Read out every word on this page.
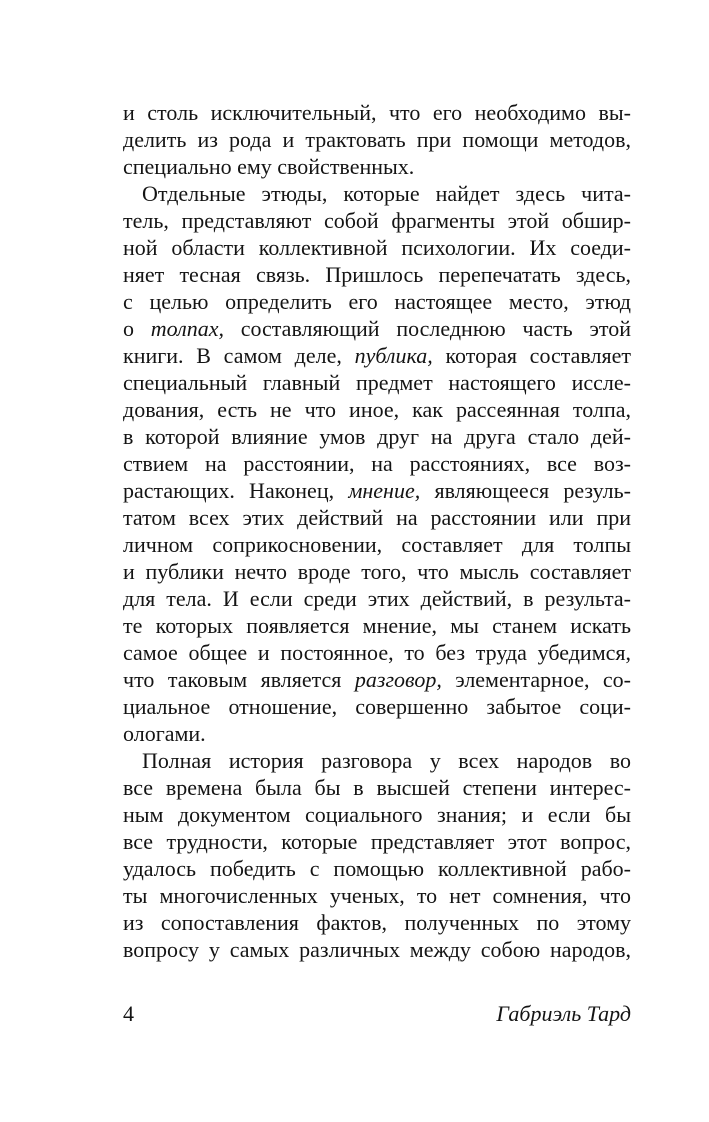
и столь исключительный, что его необходимо вы-
делить из рода и трактовать при помощи методов,
специально ему свойственных.
Отдельные этюды, которые найдет здесь чита-
тель, представляют собой фрагменты этой обшир-
ной области коллективной психологии. Их соеди-
няет тесная связь. Пришлось перепечатать здесь,
с целью определить его настоящее место, этюд
о толпах, составляющий последнюю часть этой
книги. В самом деле, публика, которая составляет
специальный главный предмет настоящего иссле-
дования, есть не что иное, как рассеянная толпа,
в которой влияние умов друг на друга стало дей-
ствием на расстоянии, на расстояниях, все воз-
растающих. Наконец, мнение, являющееся резуль-
татом всех этих действий на расстоянии или при
личном соприкосновении, составляет для толпы
и публики нечто вроде того, что мысль составляет
для тела. И если среди этих действий, в результа-
те которых появляется мнение, мы станем искать
самое общее и постоянное, то без труда убедимся,
что таковым является разговор, элементарное, со-
циальное отношение, совершенно забытое соци-
ологами.
Полная история разговора у всех народов во
все времена была бы в высшей степени интерес-
ным документом социального знания; и если бы
все трудности, которые представляет этот вопрос,
удалось победить с помощью коллективной рабо-
ты многочисленных ученых, то нет сомнения, что
из сопоставления фактов, полученных по этому
вопросу у самых различных между собою народов,
4	Габриэль Тард
